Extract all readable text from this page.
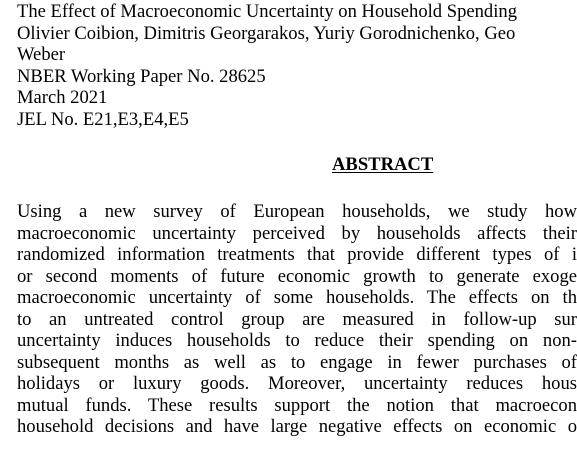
The Effect of Macroeconomic Uncertainty on Household Spending
Olivier Coibion, Dimitris Georgarakos, Yuriy Gorodnichenko, Geo
Weber
NBER Working Paper No. 28625
March 2021
JEL No. E21,E3,E4,E5
ABSTRACT
Using a new survey of European households, we study how
macroeconomic uncertainty perceived by households affects their
randomized information treatments that provide different types of i
or second moments of future economic growth to generate exoge
macroeconomic uncertainty of some households. The effects on th
to an untreated control group are measured in follow-up sur
uncertainty induces households to reduce their spending on non-
subsequent months as well as to engage in fewer purchases of
holidays or luxury goods. Moreover, uncertainty reduces hous
mutual funds. These results support the notion that macroecon
household decisions and have large negative effects on economic o
